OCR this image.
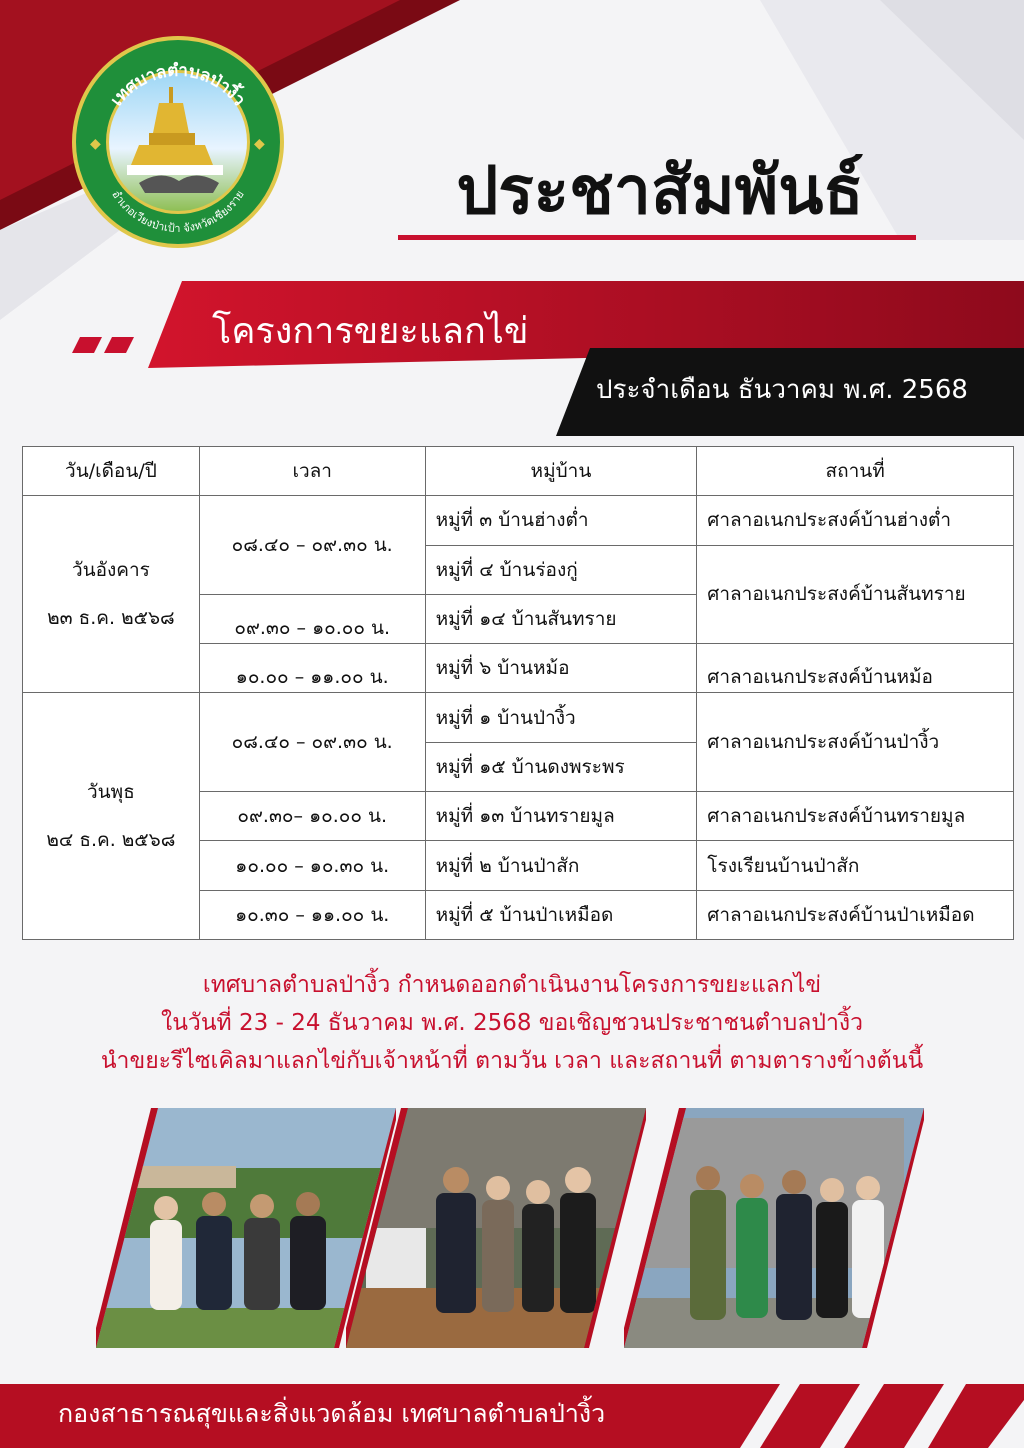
เทศบาลตำบลป่างิ้ว
อำเภอเวียงป่าเป้า จังหวัดเชียงราย
◆	◆
ประชาสัมพันธ์
โครงการขยะแลกไข่
ประจำเดือน ธันวาคม พ.ศ. 2568
วัน/เดือน/ปี	เวลา	หมู่บ้าน	สถานที่

วันอังคาร
๒๓ ธ.ค. ๒๕๖๘	๐๘.๔๐ – ๐๙.๓๐ น.	หมู่ที่ ๓ บ้านฮ่างต่ำ	ศาลาอเนกประสงค์บ้านฮ่างต่ำ
		หมู่ที่ ๔ บ้านร่องกู่	ศาลาอเนกประสงค์บ้านสันทราย
	๐๙.๓๐ – ๑๐.๐๐ น.	หมู่ที่ ๑๔ บ้านสันทราย	
	๑๐.๐๐ – ๑๑.๐๐ น.	หมู่ที่ ๖ บ้านหม้อ	ศาลาอเนกประสงค์บ้านหม้อ

วันพุธ
๒๔ ธ.ค. ๒๕๖๘	๐๘.๔๐ – ๐๙.๓๐ น.	หมู่ที่ ๑ บ้านป่างิ้ว	ศาลาอเนกประสงค์บ้านป่างิ้ว
		หมู่ที่ ๑๕ บ้านดงพระพร	
	๐๙.๓๐– ๑๐.๐๐ น.	หมู่ที่ ๑๓ บ้านทรายมูล	ศาลาอเนกประสงค์บ้านทรายมูล
	๑๐.๐๐ – ๑๐.๓๐ น.	หมู่ที่ ๒ บ้านป่าสัก	โรงเรียนบ้านป่าสัก
	๑๐.๓๐ – ๑๑.๐๐ น.	หมู่ที่ ๕ บ้านป่าเหมือด	ศาลาอเนกประสงค์บ้านป่าเหมือด
เทศบาลตำบลป่างิ้ว กำหนดออกดำเนินงานโครงการขยะแลกไข่
ในวันที่ 23 - 24 ธันวาคม พ.ศ. 2568 ขอเชิญชวนประชาชนตำบลป่างิ้ว
นำขยะรีไซเคิลมาแลกไข่กับเจ้าหน้าที่ ตามวัน เวลา และสถานที่ ตามตารางข้างต้นนี้
กองสาธารณสุขและสิ่งแวดล้อม เทศบาลตำบลป่างิ้ว
